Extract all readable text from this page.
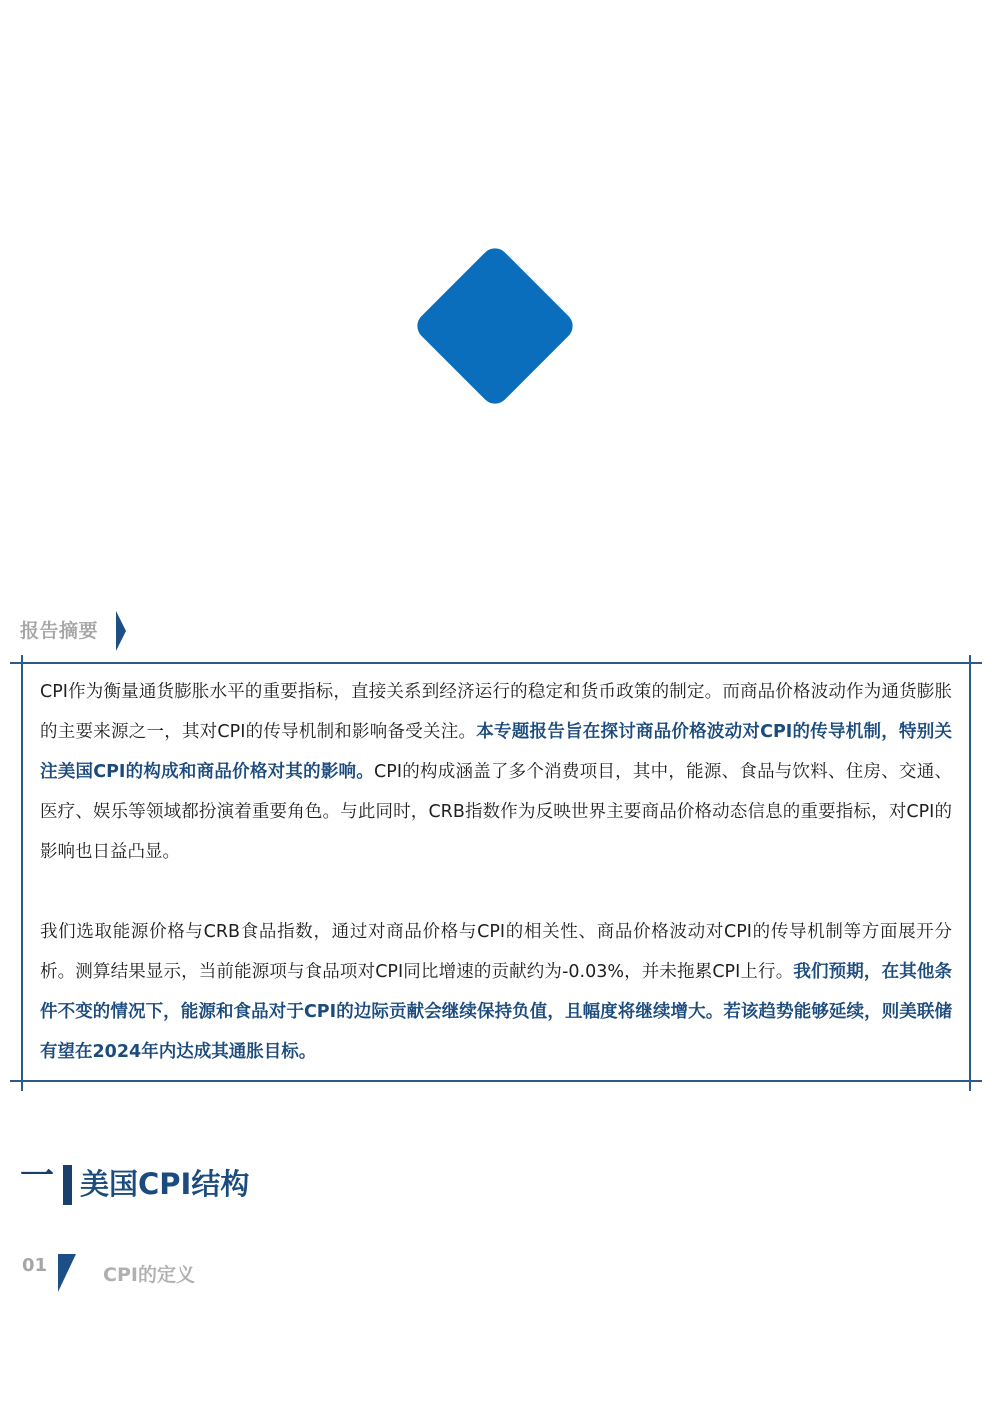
报告摘要

CPI作为衡量通货膨胀水平的重要指标，直接关系到经济运行的稳定和货币政策的制定。而商品价格波动作为通货膨胀的主要来源之一，其对CPI的传导机制和影响备受关注。本专题报告旨在探讨商品价格波动对CPI的传导机制，特别关注美国CPI的构成和商品价格对其的影响。CPI的构成涵盖了多个消费项目，其中，能源、食品与饮料、住房、交通、医疗、娱乐等领域都扮演着重要角色。与此同时，CRB指数作为反映世界主要商品价格动态信息的重要指标，对CPI的影响也日益凸显。

我们选取能源价格与CRB食品指数，通过对商品价格与CPI的相关性、商品价格波动对CPI的传导机制等方面展开分析。测算结果显示，当前能源项与食品项对CPI同比增速的贡献约为-0.03%，并未拖累CPI上行。我们预期，在其他条件不变的情况下，能源和食品对于CPI的边际贡献会继续保持负值，且幅度将继续增大。若该趋势能够延续，则美联储有望在2024年内达成其通胀目标。

一 美国CPI结构
01	CPI的定义
